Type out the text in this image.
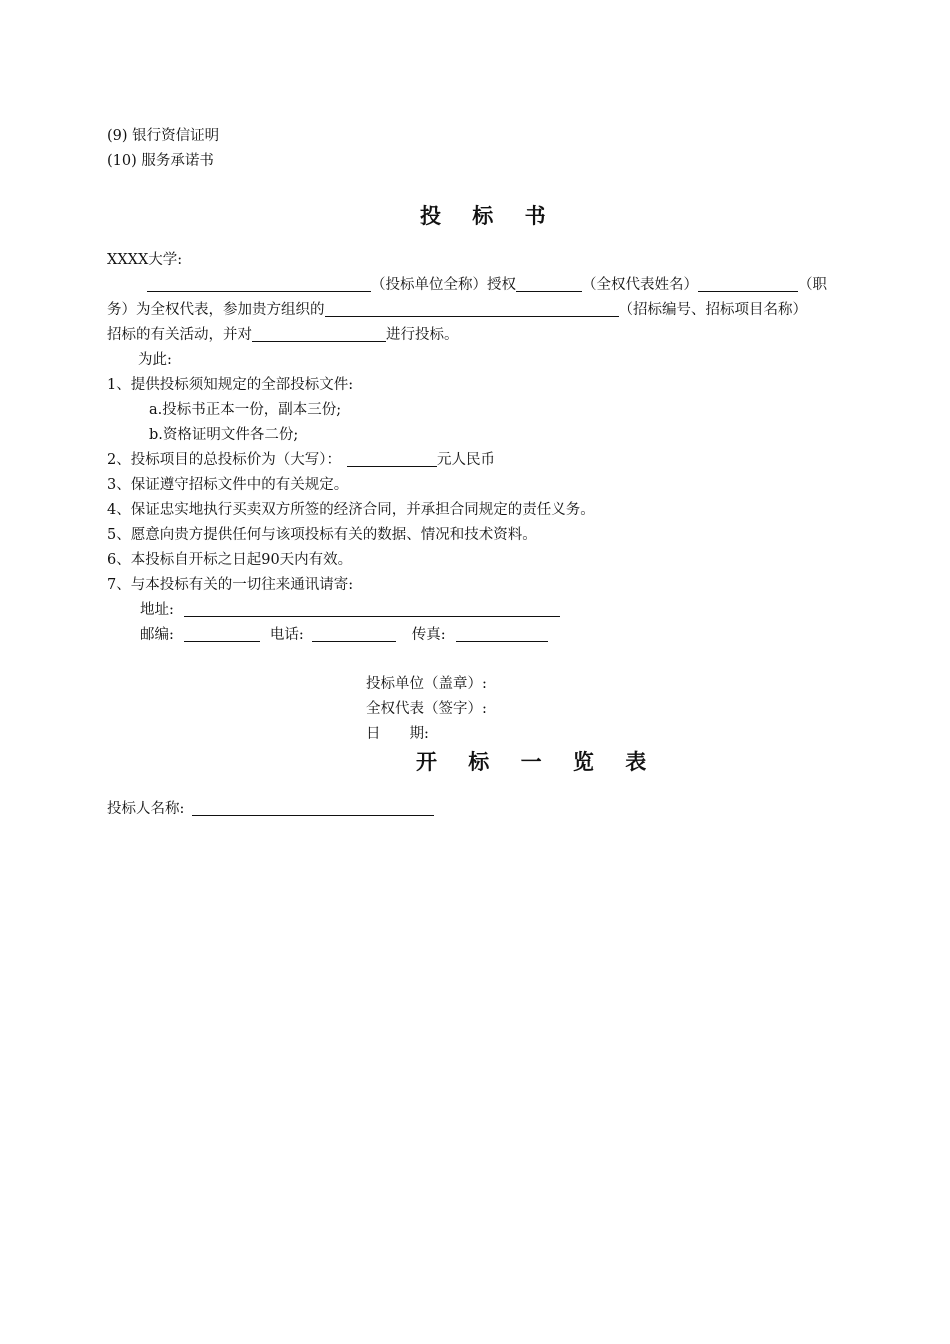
(9) 银行资信证明
(10) 服务承诺书
投 标 书
XXXX大学:
（投标单位全称）授权	（全权代表姓名）	（职
务）为全权代表，参加贵方组织的	（招标编号、招标项目名称）
招标的有关活动，并对	进行投标。
为此:
1、提供投标须知规定的全部投标文件:
a.投标书正本一份，副本三份;
b.资格证明文件各二份;
2、投标项目的总投标价为（大写）：	元人民币
3、保证遵守招标文件中的有关规定。
4、保证忠实地执行买卖双方所签的经济合同，并承担合同规定的责任义务。
5、愿意向贵方提供任何与该项投标有关的数据、情况和技术资料。
6、本投标自开标之日起90天内有效。
7、与本投标有关的一切往来通讯请寄:
地址:
邮编:	电话:	传真:
投标单位（盖章）:
全权代表（签字）:
日　　期:
开 标 一 览 表
投标人名称:
